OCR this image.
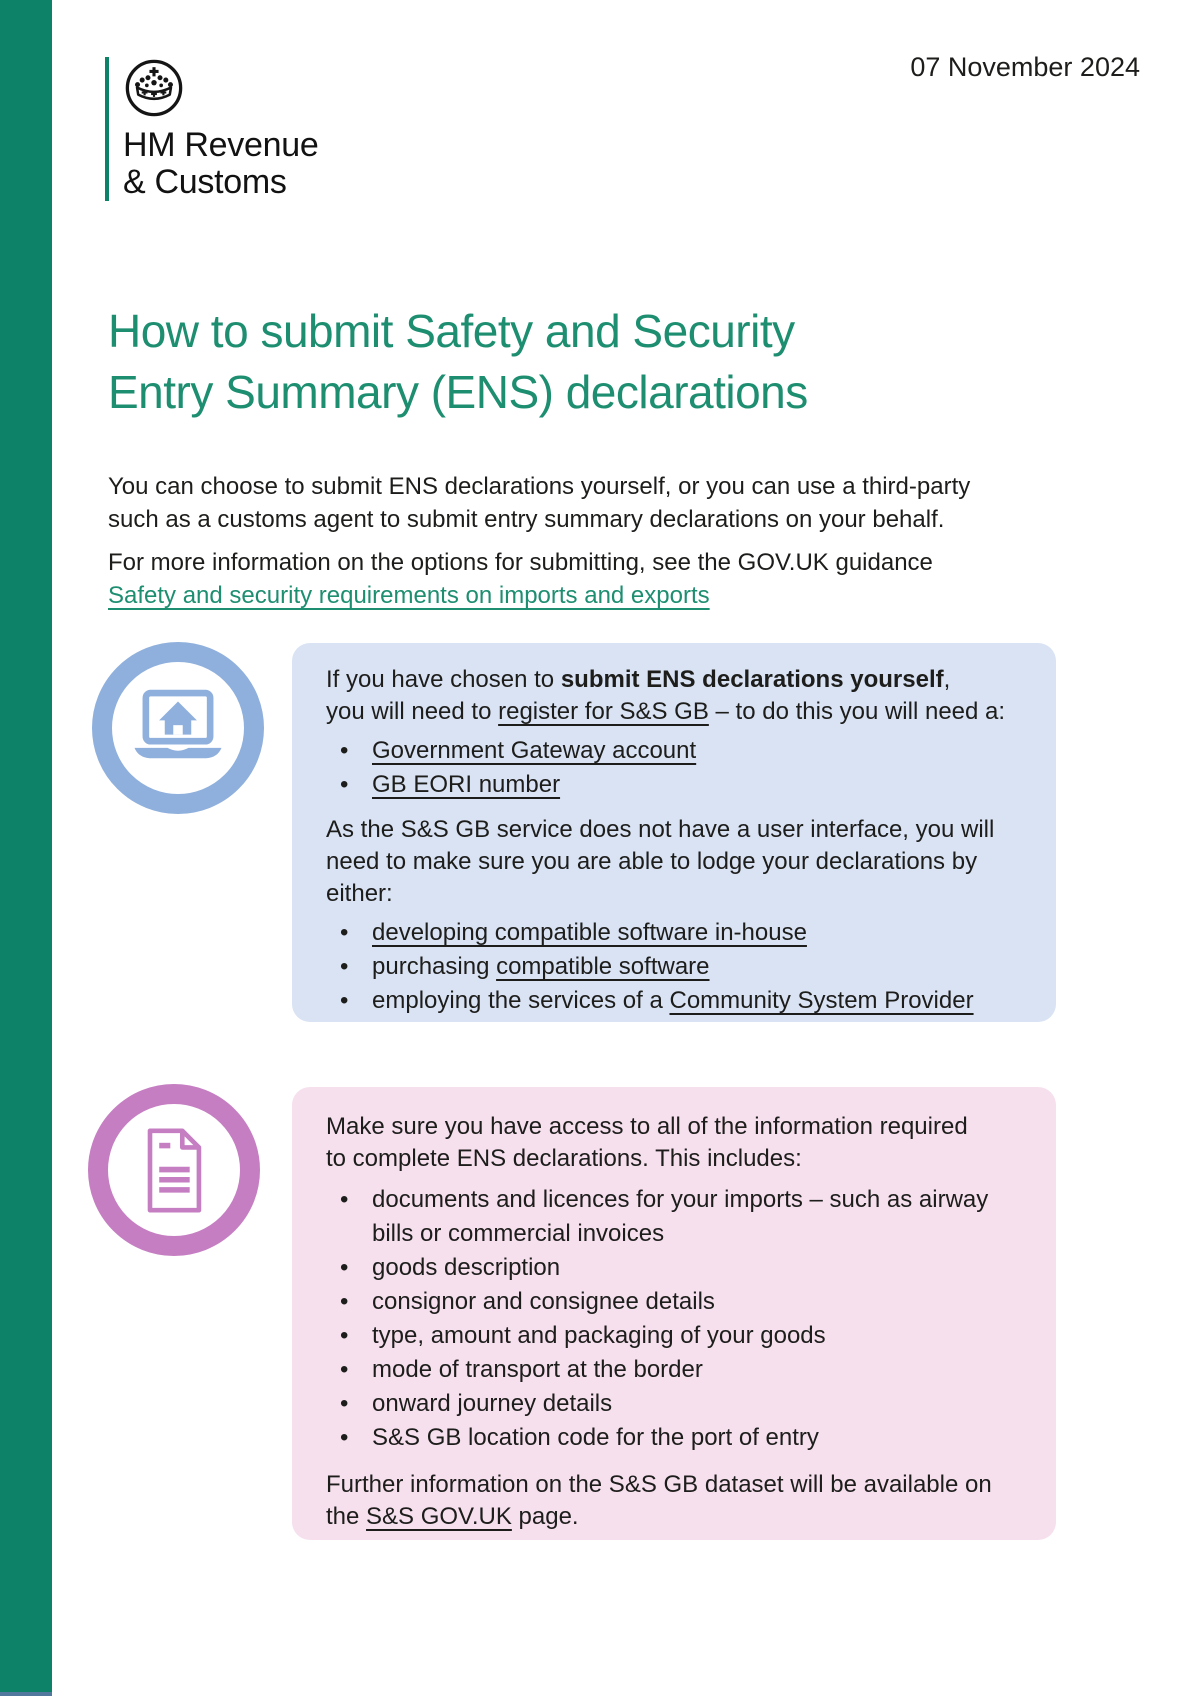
HM Revenue
& Customs
07 November 2024
How to submit Safety and Security
Entry Summary (ENS) declarations

You can choose to submit ENS declarations yourself, or you can use a third-party
such as a customs agent to submit entry summary declarations on your behalf.

For more information on the options for submitting, see the GOV.UK guidance
Safety and security requirements on imports and exports

If you have chosen to submit ENS declarations yourself,
you will need to register for S&S GB – to do this you will need a:

• Government Gateway account
• GB EORI number

As the S&S GB service does not have a user interface, you will
need to make sure you are able to lodge your declarations by
either:

• developing compatible software in-house
• purchasing compatible software
• employing the services of a Community System Provider

Make sure you have access to all of the information required
to complete ENS declarations. This includes:

• documents and licences for your imports – such as airway bills or commercial invoices
• goods description
• consignor and consignee details
• type, amount and packaging of your goods
• mode of transport at the border
• onward journey details
• S&S GB location code for the port of entry

Further information on the S&S GB dataset will be available on the S&S GOV.UK page.
